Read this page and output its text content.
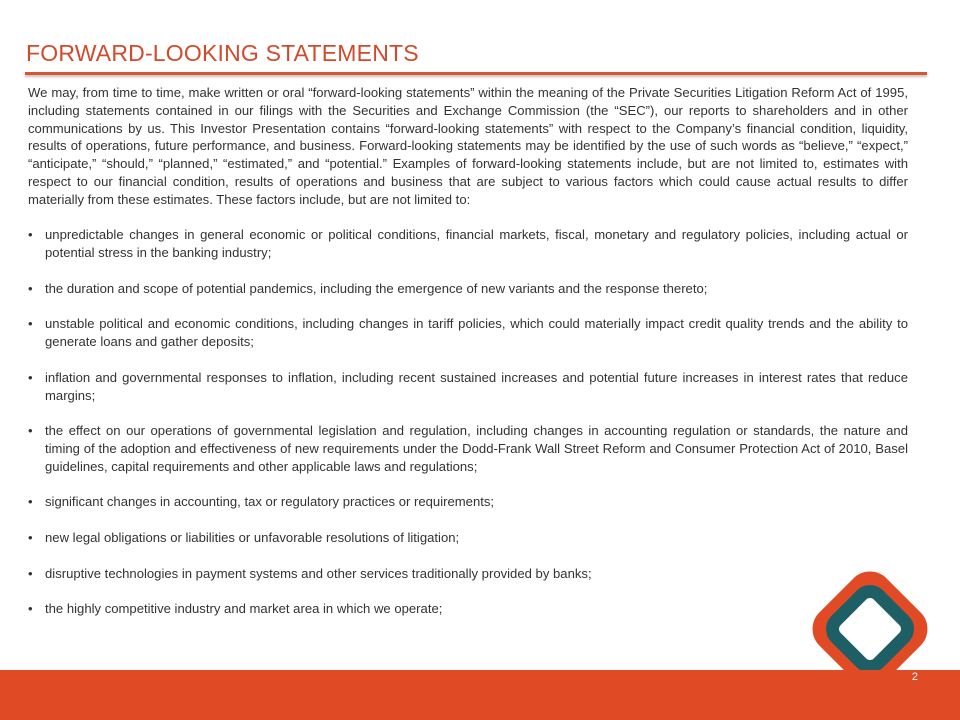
FORWARD-LOOKING STATEMENTS

We may, from time to time, make written or oral “forward-looking statements” within the meaning of the Private Securities Litigation Reform Act of 1995, including statements contained in our filings with the Securities and Exchange Commission (the “SEC”), our reports to shareholders and in other communications by us. This Investor Presentation contains “forward-looking statements” with respect to the Company’s financial condition, liquidity, results of operations, future performance, and business. Forward-looking statements may be identified by the use of such words as “believe,” “expect,” “anticipate,” “should,” “planned,” “estimated,” and “potential.” Examples of forward-looking statements include, but are not limited to, estimates with respect to our financial condition, results of operations and business that are subject to various factors which could cause actual results to differ materially from these estimates. These factors include, but are not limited to:

• unpredictable changes in general economic or political conditions, financial markets, fiscal, monetary and regulatory policies, including actual or potential stress in the banking industry;
• the duration and scope of potential pandemics, including the emergence of new variants and the response thereto;
• unstable political and economic conditions, including changes in tariff policies, which could materially impact credit quality trends and the ability to generate loans and gather deposits;
• inflation and governmental responses to inflation, including recent sustained increases and potential future increases in interest rates that reduce margins;
• the effect on our operations of governmental legislation and regulation, including changes in accounting regulation or standards, the nature and timing of the adoption and effectiveness of new requirements under the Dodd-Frank Wall Street Reform and Consumer Protection Act of 2010, Basel guidelines, capital requirements and other applicable laws and regulations;
• significant changes in accounting, tax or regulatory practices or requirements;
• new legal obligations or liabilities or unfavorable resolutions of litigation;
• disruptive technologies in payment systems and other services traditionally provided by banks;
• the highly competitive industry and market area in which we operate;
2
